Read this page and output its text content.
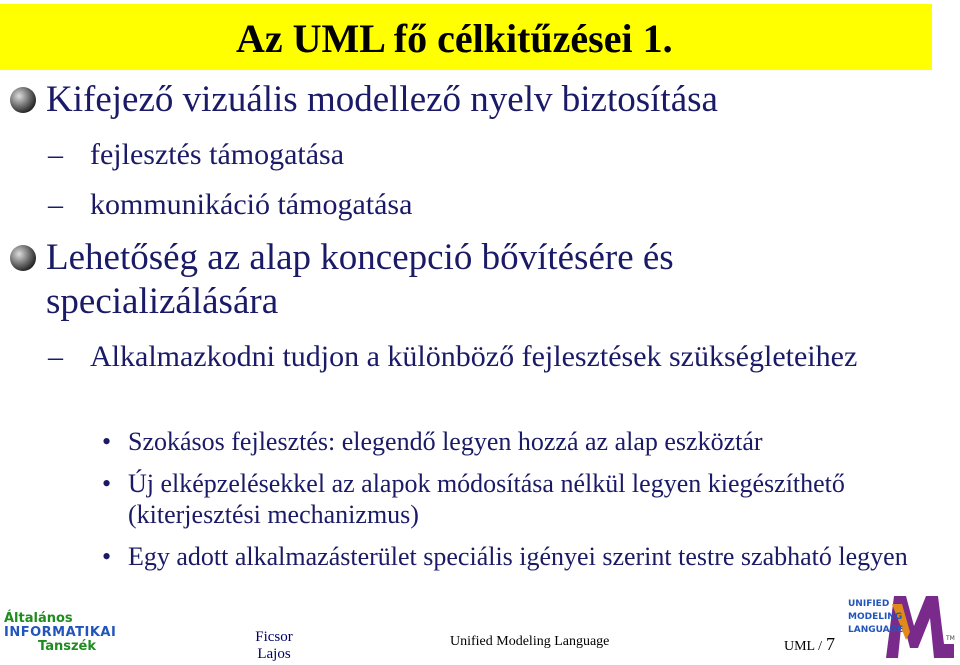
Az UML fő célkitűzései 1.
Kifejező vizuális modellező nyelv biztosítása
– fejlesztés támogatása
– kommunikáció támogatása
Lehetőség az alap koncepció bővítésére és specializálására
– Alkalmazkodni tudjon a különböző fejlesztések szükségleteihez
• Szokásos fejlesztés: elegendő legyen hozzá az alap eszköztár
• Új elképzelésekkel az alapok módosítása nélkül legyen kiegészíthető (kiterjesztési mechanizmus)
• Egy adott alkalmazásterület speciális igényei szerint testre szabható legyen
Általános
INFORMATIKAI
Tanszék
Ficsor
Lajos
Unified Modeling Language	UML / 7
UNIFIED
MODELING
LANGUAGE
TM
